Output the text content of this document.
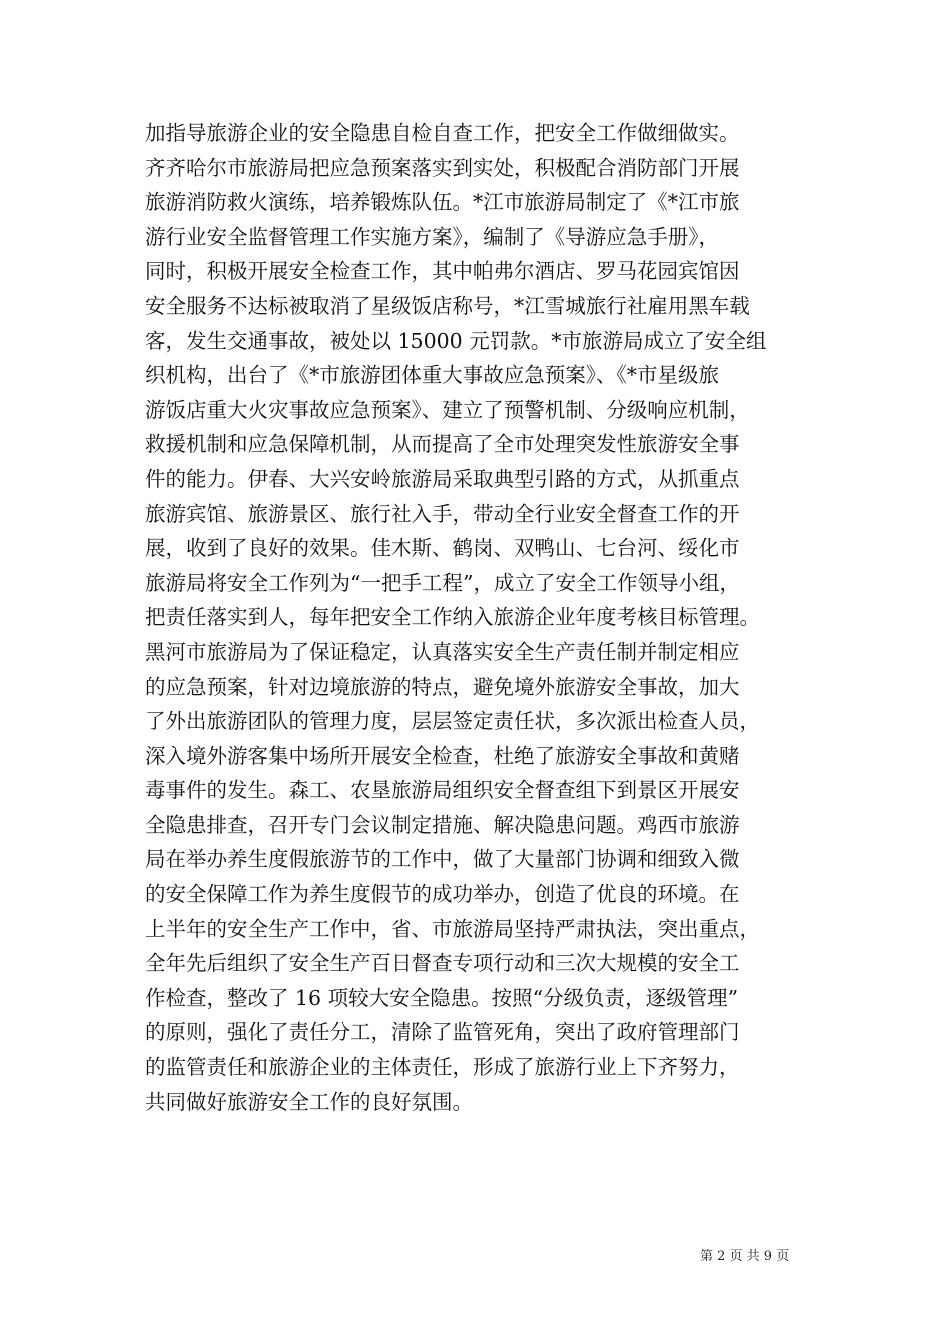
加指导旅游企业的安全隐患自检自查工作，把安全工作做细做实。
齐齐哈尔市旅游局把应急预案落实到实处，积极配合消防部门开展
旅游消防救火演练，培养锻炼队伍。*江市旅游局制定了《*江市旅
游行业安全监督管理工作实施方案》，编制了《导游应急手册》，
同时，积极开展安全检查工作，其中帕弗尔酒店、罗马花园宾馆因
安全服务不达标被取消了星级饭店称号，*江雪城旅行社雇用黑车载
客，发生交通事故，被处以 15000 元罚款。*市旅游局成立了安全组
织机构，出台了《*市旅游团体重大事故应急预案》、《*市星级旅
游饭店重大火灾事故应急预案》、建立了预警机制、分级响应机制，
救援机制和应急保障机制，从而提高了全市处理突发性旅游安全事
件的能力。伊春、大兴安岭旅游局采取典型引路的方式，从抓重点
旅游宾馆、旅游景区、旅行社入手，带动全行业安全督查工作的开
展，收到了良好的效果。佳木斯、鹤岗、双鸭山、七台河、绥化市
旅游局将安全工作列为“一把手工程”，成立了安全工作领导小组，
把责任落实到人，每年把安全工作纳入旅游企业年度考核目标管理。
黑河市旅游局为了保证稳定，认真落实安全生产责任制并制定相应
的应急预案，针对边境旅游的特点，避免境外旅游安全事故，加大
了外出旅游团队的管理力度，层层签定责任状，多次派出检查人员，
深入境外游客集中场所开展安全检查，杜绝了旅游安全事故和黄赌
毒事件的发生。森工、农垦旅游局组织安全督查组下到景区开展安
全隐患排查，召开专门会议制定措施、解决隐患问题。鸡西市旅游
局在举办养生度假旅游节的工作中，做了大量部门协调和细致入微
的安全保障工作为养生度假节的成功举办，创造了优良的环境。在
上半年的安全生产工作中，省、市旅游局坚持严肃执法，突出重点，
全年先后组织了安全生产百日督查专项行动和三次大规模的安全工
作检查，整改了 16 项较大安全隐患。按照“分级负责，逐级管理”
的原则，强化了责任分工，清除了监管死角，突出了政府管理部门
的监管责任和旅游企业的主体责任，形成了旅游行业上下齐努力，
共同做好旅游安全工作的良好氛围。
第 2 页 共 9 页
